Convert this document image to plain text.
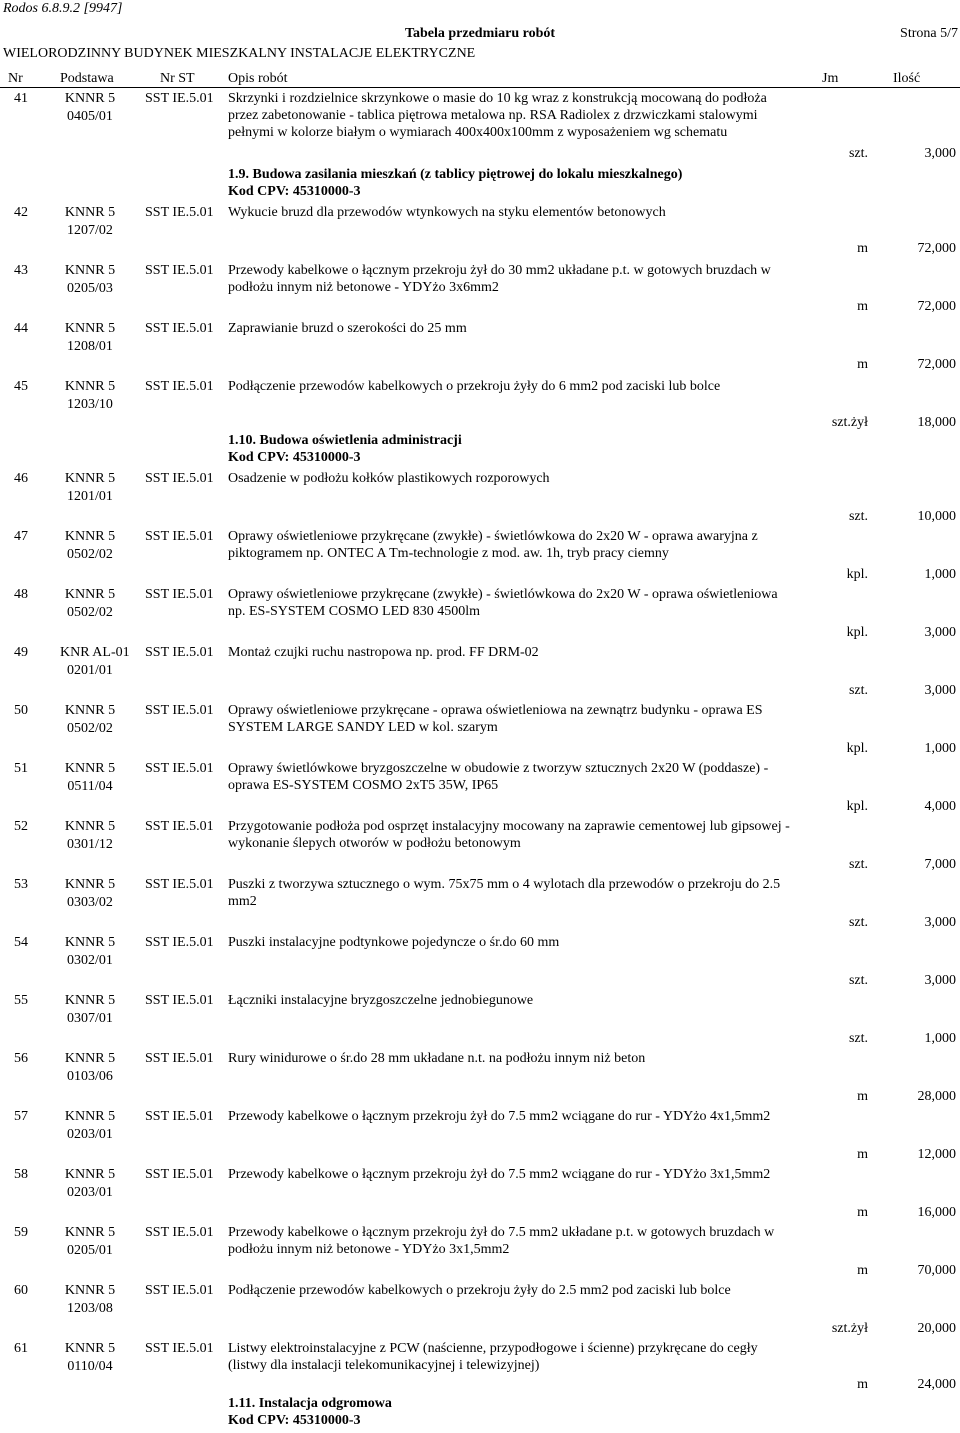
Rodos 6.8.9.2 [9947]
Tabela przedmiaru robót	Strona 5/7
WIELORODZINNY BUDYNEK MIESZKALNY INSTALACJE ELEKTRYCZNE
Nr	Podstawa	Nr ST Opis robót	Jm	Ilość
41	KNNR 5
0405/01
SST IE.5.01 Skrzynki i rozdzielnice skrzynkowe o masie do 10 kg wraz z konstrukcją mocowaną do podłoża przez zabetonowanie - tablica piętrowa metalowa np. RSA Radiolex z drzwiczkami stalowymi pełnymi w kolorze białym o wymiarach 400x400x100mm z wyposażeniem wg schematu
szt.	3,000
42	KNNR 5
1207/02
SST IE.5.01 Wykucie bruzd dla przewodów wtynkowych na styku elementów betonowych
m	72,000
43	KNNR 5
0205/03
SST IE.5.01 Przewody kabelkowe o łącznym przekroju żył do 30 mm2 układane p.t. w gotowych bruzdach w podłożu innym niż betonowe - YDYżo 3x6mm2
m	72,000
44	KNNR 5
1208/01
SST IE.5.01 Zaprawianie bruzd o szerokości do 25 mm
m	72,000
45	KNNR 5
1203/10
SST IE.5.01 Podłączenie przewodów kabelkowych o przekroju żyły do 6 mm2 pod zaciski lub bolce
szt.żył	18,000
46	KNNR 5
1201/01
SST IE.5.01 Osadzenie w podłożu kołków plastikowych rozporowych
szt.	10,000
47	KNNR 5
0502/02
SST IE.5.01 Oprawy oświetleniowe przykręcane (zwykłe) - świetlówkowa do 2x20 W - oprawa awaryjna z piktogramem np. ONTEC A Tm-technologie z mod. aw. 1h, tryb pracy ciemny
kpl.	1,000
48	KNNR 5
0502/02
SST IE.5.01 Oprawy oświetleniowe przykręcane (zwykłe) - świetlówkowa do 2x20 W - oprawa oświetleniowa np. ES-SYSTEM COSMO LED 830 4500lm
kpl.	3,000
49	KNR AL-01
0201/01
SST IE.5.01 Montaż czujki ruchu nastropowa np. prod. FF DRM-02
szt.	3,000
50	KNNR 5
0502/02
SST IE.5.01 Oprawy oświetleniowe przykręcane - oprawa oświetleniowa na zewnątrz budynku - oprawa ES SYSTEM LARGE SANDY LED w kol. szarym
kpl.	1,000
51	KNNR 5
0511/04
SST IE.5.01 Oprawy świetlówkowe bryzgoszczelne w obudowie z tworzyw sztucznych 2x20 W (poddasze) - oprawa ES-SYSTEM COSMO 2xT5 35W, IP65
kpl.	4,000
52	KNNR 5
0301/12
SST IE.5.01 Przygotowanie podłoża pod osprzęt instalacyjny mocowany na zaprawie cementowej lub gipsowej - wykonanie ślepych otworów w podłożu betonowym
szt.	7,000
53	KNNR 5
0303/02
SST IE.5.01 Puszki z tworzywa sztucznego o wym. 75x75 mm o 4 wylotach dla przewodów o przekroju do 2.5 mm2
szt.	3,000
54	KNNR 5
0302/01
SST IE.5.01 Puszki instalacyjne podtynkowe pojedyncze o śr.do 60 mm
szt.	3,000
55	KNNR 5
0307/01
SST IE.5.01 Łączniki instalacyjne bryzgoszczelne jednobiegunowe
szt.	1,000
56	KNNR 5
0103/06
SST IE.5.01 Rury winidurowe o śr.do 28 mm układane n.t. na podłożu innym niż beton
m	28,000
57	KNNR 5
0203/01
SST IE.5.01 Przewody kabelkowe o łącznym przekroju żył do 7.5 mm2 wciągane do rur - YDYżo 4x1,5mm2
m	12,000
58	KNNR 5
0203/01
SST IE.5.01 Przewody kabelkowe o łącznym przekroju żył do 7.5 mm2 wciągane do rur - YDYżo 3x1,5mm2
m	16,000
59	KNNR 5
0205/01
SST IE.5.01 Przewody kabelkowe o łącznym przekroju żył do 7.5 mm2 układane p.t. w gotowych bruzdach w podłożu innym niż betonowe - YDYżo 3x1,5mm2
m	70,000
60	KNNR 5
1203/08
SST IE.5.01 Podłączenie przewodów kabelkowych o przekroju żyły do 2.5 mm2 pod zaciski lub bolce
szt.żył	20,000
61	KNNR 5
0110/04
SST IE.5.01 Listwy elektroinstalacyjne z PCW (naścienne, przypodłogowe i ścienne) przykręcane do cegły (listwy dla instalacji telekomunikacyjnej i telewizyjnej)
m	24,000
1.9. Budowa zasilania mieszkań (z tablicy piętrowej do lokalu mieszkalnego)
Kod CPV: 45310000-3
1.10. Budowa oświetlenia administracji
Kod CPV: 45310000-3
1.11. Instalacja odgromowa
Kod CPV: 45310000-3
